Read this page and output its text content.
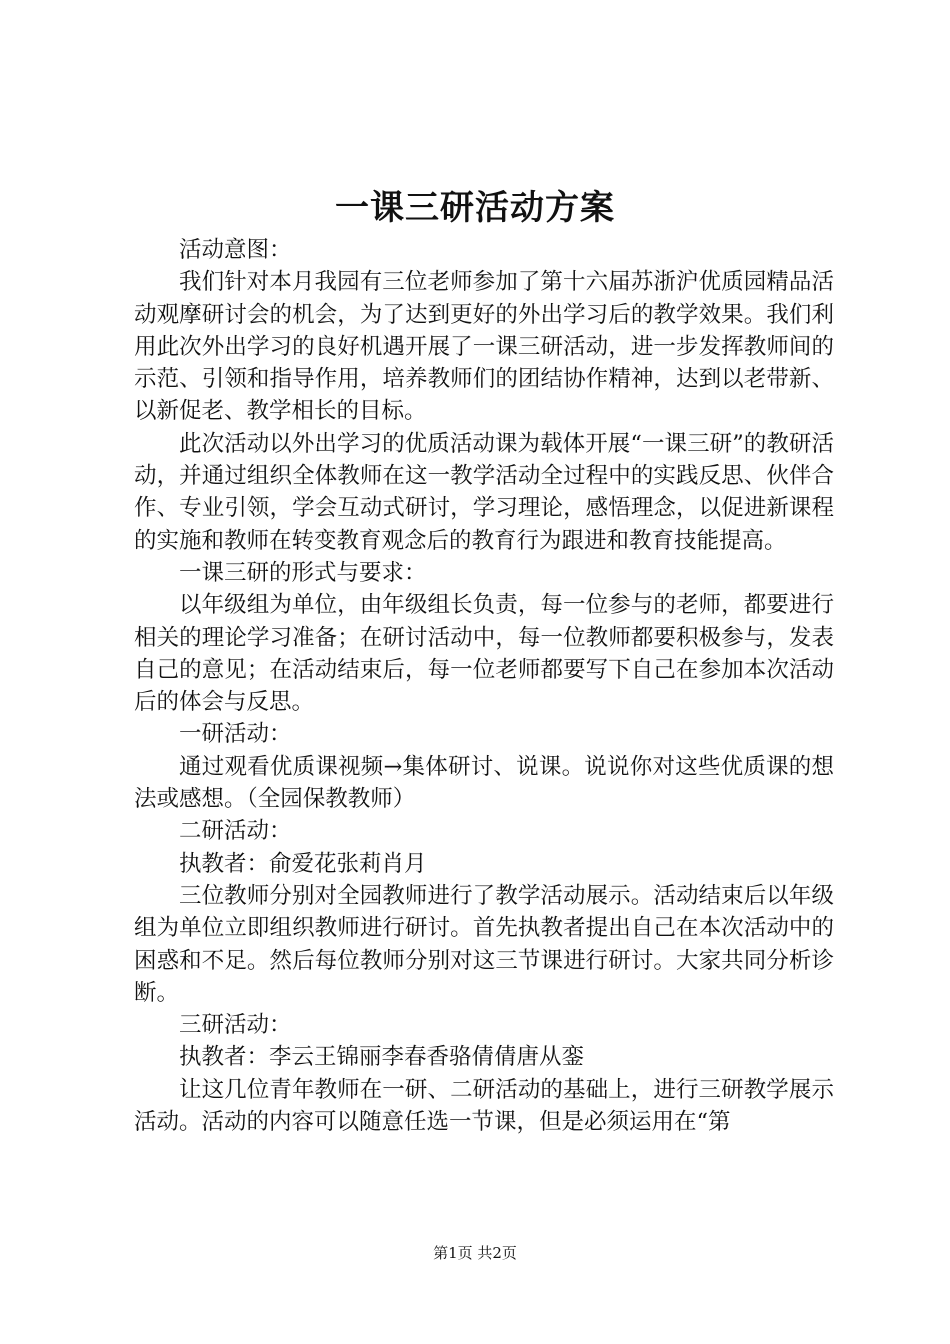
一课三研活动方案

活动意图：

我们针对本月我园有三位老师参加了第十六届苏浙沪优质园精品活动观摩研讨会的机会，为了达到更好的外出学习后的教学效果。我们利用此次外出学习的良好机遇开展了一课三研活动，进一步发挥教师间的示范、引领和指导作用，培养教师们的团结协作精神，达到以老带新、以新促老、教学相长的目标。

此次活动以外出学习的优质活动课为载体开展“一课三研”的教研活动，并通过组织全体教师在这一教学活动全过程中的实践反思、伙伴合作、专业引领，学会互动式研讨，学习理论，感悟理念，以促进新课程的实施和教师在转变教育观念后的教育行为跟进和教育技能提高。

一课三研的形式与要求：

以年级组为单位，由年级组长负责，每一位参与的老师，都要进行相关的理论学习准备；在研讨活动中，每一位教师都要积极参与，发表自己的意见；在活动结束后，每一位老师都要写下自己在参加本次活动后的体会与反思。

一研活动：

通过观看优质课视频→集体研讨、说课。说说你对这些优质课的想法或感想。（全园保教教师）

二研活动：

执教者：俞爱花张莉肖月

三位教师分别对全园教师进行了教学活动展示。活动结束后以年级组为单位立即组织教师进行研讨。首先执教者提出自己在本次活动中的困惑和不足。然后每位教师分别对这三节课进行研讨。大家共同分析诊断。

三研活动：

执教者：李云王锦丽李春香骆倩倩唐从銮

让这几位青年教师在一研、二研活动的基础上，进行三研教学展示活动。活动的内容可以随意任选一节课，但是必须运用在“第

第1页 共2页
